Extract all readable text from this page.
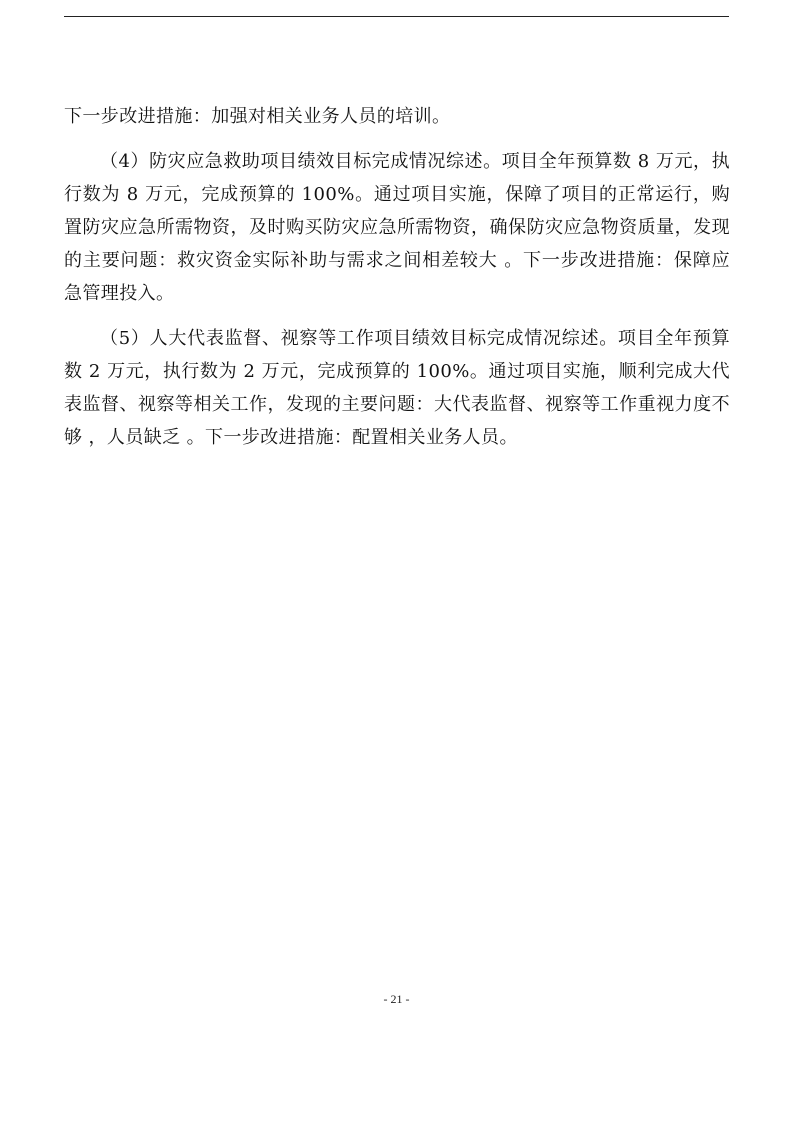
下一步改进措施：加强对相关业务人员的培训。

（4）防灾应急救助项目绩效目标完成情况综述。项目全年预算数 8 万元，执行数为 8 万元，完成预算的 100%。通过项目实施，保障了项目的正常运行，购置防灾应急所需物资，及时购买防灾应急所需物资，确保防灾应急物资质量，发现的主要问题：救灾资金实际补助与需求之间相差较大 。下一步改进措施：保障应急管理投入。

（5）人大代表监督、视察等工作项目绩效目标完成情况综述。项目全年预算数 2 万元，执行数为 2 万元，完成预算的 100%。通过项目实施，顺利完成大代表监督、视察等相关工作，发现的主要问题：大代表监督、视察等工作重视力度不够 ，人员缺乏 。下一步改进措施：配置相关业务人员。

- 21 -
